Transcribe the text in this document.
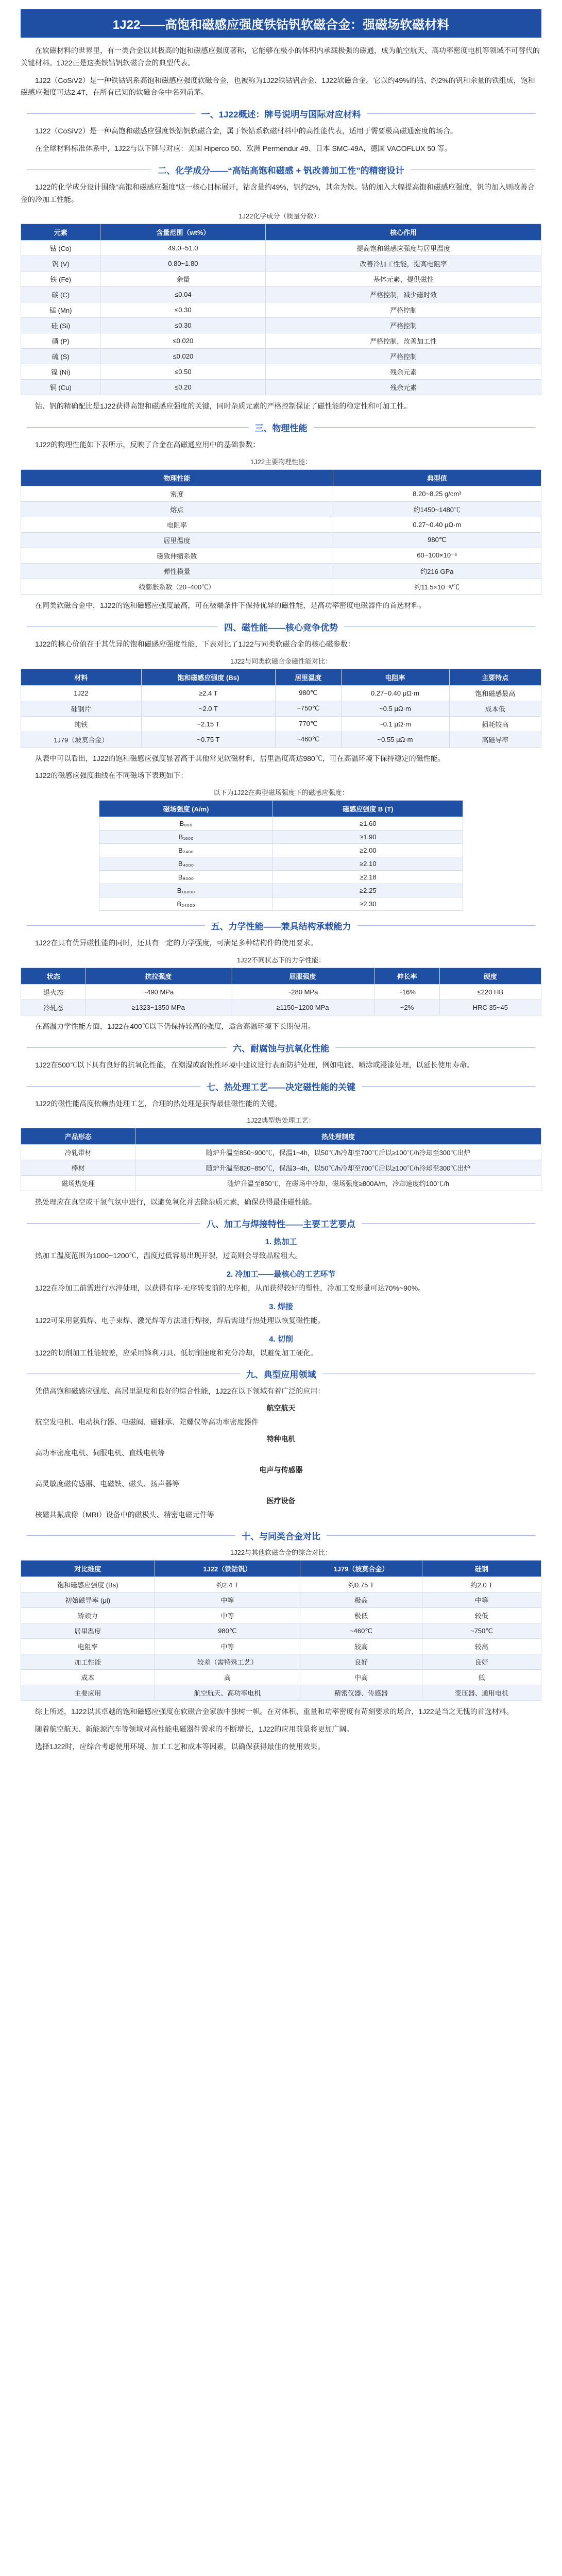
1J22——高饱和磁感应强度铁钴钒软磁合金：强磁场软磁材料

在软磁材料的世界里，有一类合金以其极高的饱和磁感应强度著称，它能够在极小的体积内承载极强的磁通，成为航空航天、高功率密度电机等领域不可替代的关键材料。1J22正是这类铁钴钒软磁合金的典型代表。

1J22（CoSiV2）是一种铁钴钒系高饱和磁感应强度软磁合金，也被称为1J22铁钴钒合金、1J22软磁合金。它以约49%的钴、约2%的钒和余量的铁组成，饱和磁感应强度可达2.4T，在所有已知的软磁合金中名列前茅。

一、1J22概述：牌号说明与国际对应材料

1J22（CoSiV2）是一种高饱和磁感应强度铁钴钒软磁合金，属于铁钴系软磁材料中的高性能代表，适用于需要极高磁通密度的场合。

在全球材料标准体系中，1J22与以下牌号对应：美国 Hiperco 50、欧洲 Permendur 49、日本 SMC-49A，德国 VACOFLUX 50 等。

二、化学成分——“高钴高饱和磁感 + 钒改善加工性”的精密设计

1J22的化学成分设计围绕“高饱和磁感应强度”这一核心目标展开，钴含量约49%，钒约2%，其余为铁。钴的加入大幅提高饱和磁感应强度，钒的加入则改善合金的冷加工性能。

1J22化学成分（质量分数）：
元素	含量范围（wt%）	核心作用
钴 (Co)	49.0~51.0	提高饱和磁感应强度与居里温度
钒 (V)	0.80~1.80	改善冷加工性能，提高电阻率
铁 (Fe)	余量	基体元素，提供磁性
碳 (C)	≤0.04	严格控制，减少磁时效
锰 (Mn)	≤0.30	严格控制
硅 (Si)	≤0.30	严格控制
磷 (P)	≤0.020	严格控制，改善加工性
硫 (S)	≤0.020	严格控制
镍 (Ni)	≤0.50	残余元素
铜 (Cu)	≤0.20	残余元素

钴、钒的精确配比是1J22获得高饱和磁感应强度的关键，同时杂质元素的严格控制保证了磁性能的稳定性和可加工性。

三、物理性能

1J22的物理性能如下表所示，反映了合金在高磁通应用中的基础参数：

1J22主要物理性能：
物理性能	典型值
密度	8.20~8.25 g/cm³
熔点	约1450~1480℃
电阻率	0.27~0.40 μΩ·m
居里温度	980℃
磁致伸缩系数	60~100×10⁻⁶
弹性模量	约216 GPa
线膨胀系数（20~400℃）	约11.5×10⁻⁶/℃

在同类软磁合金中，1J22的饱和磁感应强度最高，可在极端条件下保持优异的磁性能，是高功率密度电磁器件的首选材料。

四、磁性能——核心竞争优势

1J22的核心价值在于其优异的饱和磁感应强度性能，下表对比了1J22与同类软磁合金的核心磁参数：

1J22与同类软磁合金磁性能对比：
材料	饱和磁感应强度 (Bs)	居里温度	电阻率	主要特点
1J22	≥2.4 T	980℃	0.27~0.40 μΩ·m	饱和磁感最高
硅钢片	~2.0 T	~750℃	~0.5 μΩ·m	成本低
纯铁	~2.15 T	770℃	~0.1 μΩ·m	损耗较高
1J79（坡莫合金）	~0.75 T	~460℃	~0.55 μΩ·m	高磁导率

从表中可以看出，1J22的饱和磁感应强度显著高于其他常见软磁材料，居里温度高达980℃，可在高温环境下保持稳定的磁性能。

1J22的磁感应强度曲线在不同磁场下表现如下：

以下为1J22在典型磁场强度下的磁感应强度：
磁场强度 (A/m)	磁感应强度 B (T)
B₈₀₀	≥1.60
B₁₆₀₀	≥1.90
B₂₄₀₀	≥2.00
B₄₀₀₀	≥2.10
B₈₀₀₀	≥2.18
B₁₆₀₀₀	≥2.25
B₂₄₀₀₀	≥2.30
五、力学性能——兼具结构承载能力

1J22在具有优异磁性能的同时，还具有一定的力学强度，可满足多种结构件的使用要求。

1J22不同状态下的力学性能：
状态	抗拉强度	屈服强度	伸长率	硬度
退火态	~490 MPa	~280 MPa	~16%	≤220 HB
冷轧态	≥1323~1350 MPa	≥1150~1200 MPa	~2%	HRC 35~45

在高温力学性能方面，1J22在400℃以下仍保持较高的强度，适合高温环境下长期使用。

六、耐腐蚀与抗氧化性能

1J22在500℃以下具有良好的抗氧化性能，在潮湿或腐蚀性环境中建议进行表面防护处理，例如电镀、喷涂或浸漆处理，以延长使用寿命。

七、热处理工艺——决定磁性能的关键

1J22的磁性能高度依赖热处理工艺，合理的热处理是获得最佳磁性能的关键。

1J22典型热处理工艺：
产品形态	热处理制度
冷轧带材	随炉升温至850~900℃，保温1~4h，以50℃/h冷却至700℃后以≥100℃/h冷却至300℃出炉
棒材	随炉升温至820~850℃，保温3~4h，以50℃/h冷却至700℃后以≥100℃/h冷却至300℃出炉
磁场热处理	随炉升温至850℃，在磁场中冷却，磁场强度≥800A/m，冷却速度约100℃/h

热处理应在真空或干氢气氛中进行，以避免氧化并去除杂质元素，确保获得最佳磁性能。

八、加工与焊接特性——主要工艺要点
1. 热加工

热加工温度范围为1000~1200℃，温度过低容易出现开裂，过高则会导致晶粒粗大。

2. 冷加工——最核心的工艺环节

1J22在冷加工前需进行水淬处理，以获得有序-无序转变前的无序相，从而获得较好的塑性，冷加工变形量可达70%~90%。

3. 焊接

1J22可采用氩弧焊、电子束焊、激光焊等方法进行焊接，焊后需进行热处理以恢复磁性能。

4. 切削

1J22的切削加工性能较差，应采用锋利刀具、低切削速度和充分冷却，以避免加工硬化。

九、典型应用领域

凭借高饱和磁感应强度、高居里温度和良好的综合性能，1J22在以下领域有着广泛的应用：

航空航天

航空发电机、电动执行器、电磁阀、磁轴承、陀螺仪等高功率密度器件

特种电机

高功率密度电机、伺服电机、直线电机等

电声与传感器

高灵敏度磁传感器、电磁铁、磁头、扬声器等

医疗设备

核磁共振成像（MRI）设备中的磁极头、精密电磁元件等

十、与同类合金对比
1J22与其他软磁合金的综合对比：
对比维度	1J22（铁钴钒）	1J79（坡莫合金）	硅钢
饱和磁感应强度 (Bs)	约2.4 T	约0.75 T	约2.0 T
初始磁导率 (μi)	中等	极高	中等
矫顽力	中等	极低	较低
居里温度	980℃	~460℃	~750℃
电阻率	中等	较高	较高
加工性能	较差（需特殊工艺）	良好	良好
成本	高	中高	低
主要应用	航空航天、高功率电机	精密仪器、传感器	变压器、通用电机

综上所述，1J22以其卓越的饱和磁感应强度在软磁合金家族中独树一帜。在对体积、重量和功率密度有苛刻要求的场合，1J22是当之无愧的首选材料。

随着航空航天、新能源汽车等领域对高性能电磁器件需求的不断增长，1J22的应用前景将更加广阔。

选择1J22时，应综合考虑使用环境、加工工艺和成本等因素，以确保获得最佳的使用效果。
